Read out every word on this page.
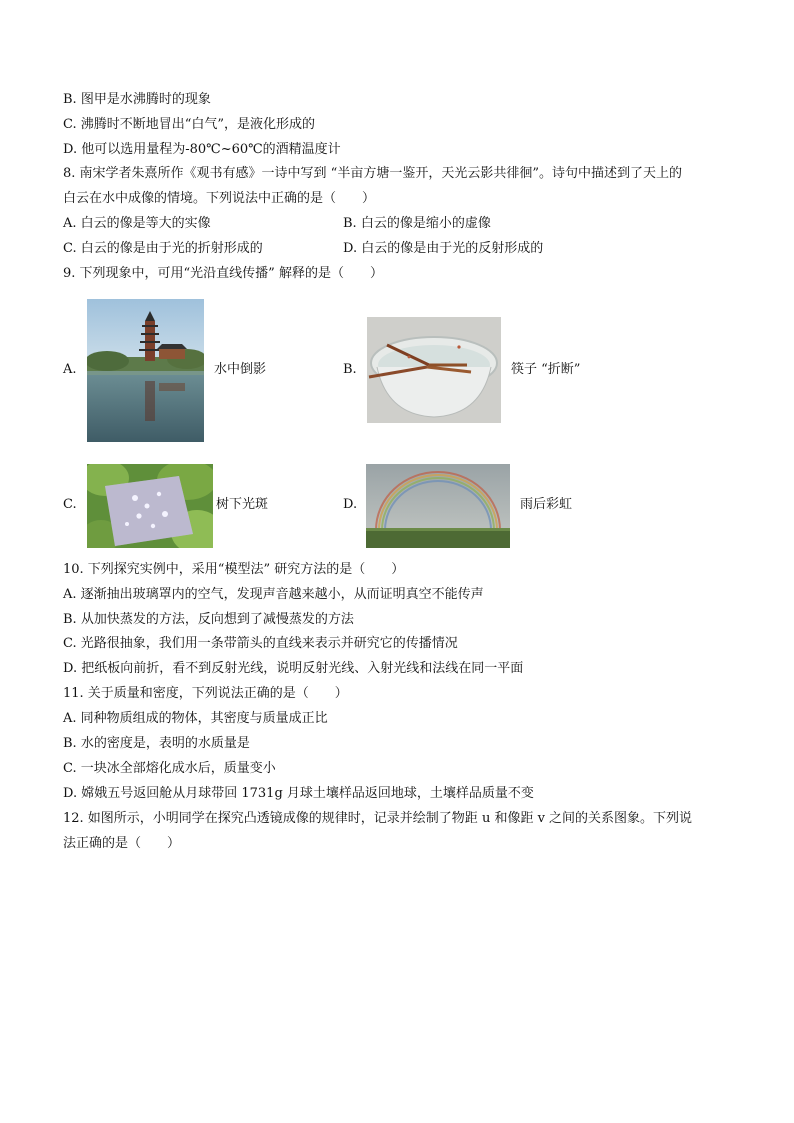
B. 图甲是水沸腾时的现象
C. 沸腾时不断地冒出“白气”，是液化形成的
D. 他可以选用量程为-80℃~60℃的酒精温度计
8. 南宋学者朱熹所作《观书有感》一诗中写到 “半亩方塘一鉴开，天光云影共徘徊”。诗句中描述到了天上的
白云在水中成像的情境。下列说法中正确的是（　　）
A. 白云的像是等大的实像	B. 白云的像是缩小的虚像
C. 白云的像是由于光的折射形成的	D. 白云的像是由于光的反射形成的
9. 下列现象中，可用“光沿直线传播” 解释的是（　　）
A.	水中倒影	B.	筷子 “折断”
C.	树下光斑	D.	雨后彩虹
10. 下列探究实例中，采用“模型法” 研究方法的是（　　）
A. 逐渐抽出玻璃罩内的空气，发现声音越来越小，从而证明真空不能传声
B. 从加快蒸发的方法，反向想到了减慢蒸发的方法
C. 光路很抽象，我们用一条带箭头的直线来表示并研究它的传播情况
D. 把纸板向前折，看不到反射光线，说明反射光线、入射光线和法线在同一平面
11. 关于质量和密度，下列说法正确的是（　　）
A. 同种物质组成的物体，其密度与质量成正比
B. 水的密度是，表明的水质量是
C. 一块冰全部熔化成水后，质量变小
D. 嫦娥五号返回舱从月球带回 1731g 月球土壤样品返回地球，土壤样品质量不变
12. 如图所示，小明同学在探究凸透镜成像的规律时，记录并绘制了物距 u 和像距 v 之间的关系图象。下列说
法正确的是（　　）
